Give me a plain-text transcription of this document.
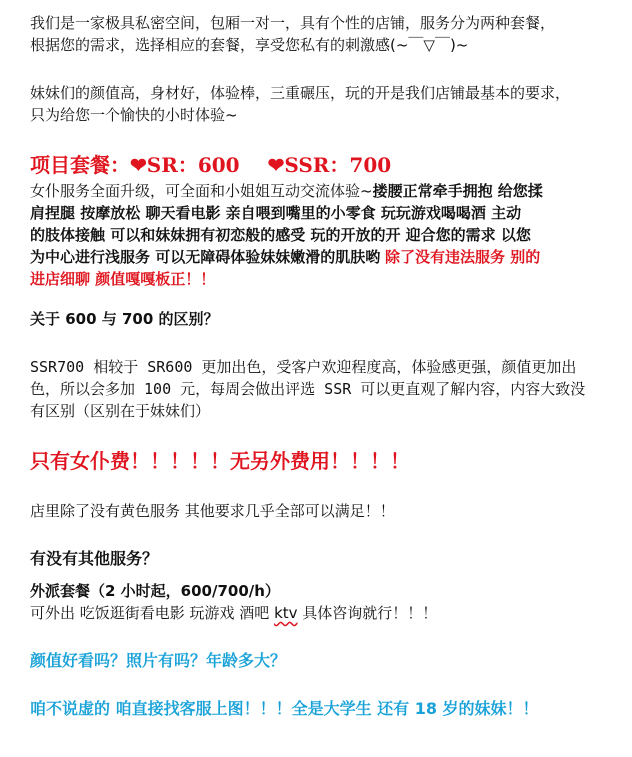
我们是一家极具私密空间，包厢一对一，具有个性的店铺，服务分为两种套餐，
根据您的需求，选择相应的套餐，享受您私有的刺激感(~￣▽￣)~

妹妹们的颜值高，身材好，体验棒，三重碾压，玩的开是我们店铺最基本的要求，
只为给您一个愉快的小时体验~

项目套餐：❤SR：600 ❤SSR：700

女仆服务全面升级，可全面和小姐姐互动交流体验~搂腰正常牵手拥抱 给您揉
肩捏腿 按摩放松 聊天看电影 亲自喂到嘴里的小零食 玩玩游戏喝喝酒 主动
的肢体接触 可以和妹妹拥有初恋般的感受 玩的开放的开 迎合您的需求 以您
为中心进行浅服务 可以无障碍体验妹妹嫩滑的肌肤哟 除了没有违法服务 别的
进店细聊 颜值嘎嘎板正！！

关于 600 与 700 的区别？

SSR700 相较于 SR600 更加出色，受客户欢迎程度高，体验感更强，颜值更加出
色，所以会多加 100 元，每周会做出评选 SSR 可以更直观了解内容，内容大致没
有区别（区别在于妹妹们）

只有女仆费！！！！！无另外费用！！！！

店里除了没有黄色服务 其他要求几乎全部可以满足！！

有没有其他服务？

外派套餐（2 小时起，600/700/h）

可外出 吃饭逛街看电影 玩游戏 酒吧 ktv 具体咨询就行！！！

颜值好看吗？照片有吗？年龄多大？
咱不说虚的 咱直接找客服上图！！！全是大学生 还有 18 岁的妹妹！！
